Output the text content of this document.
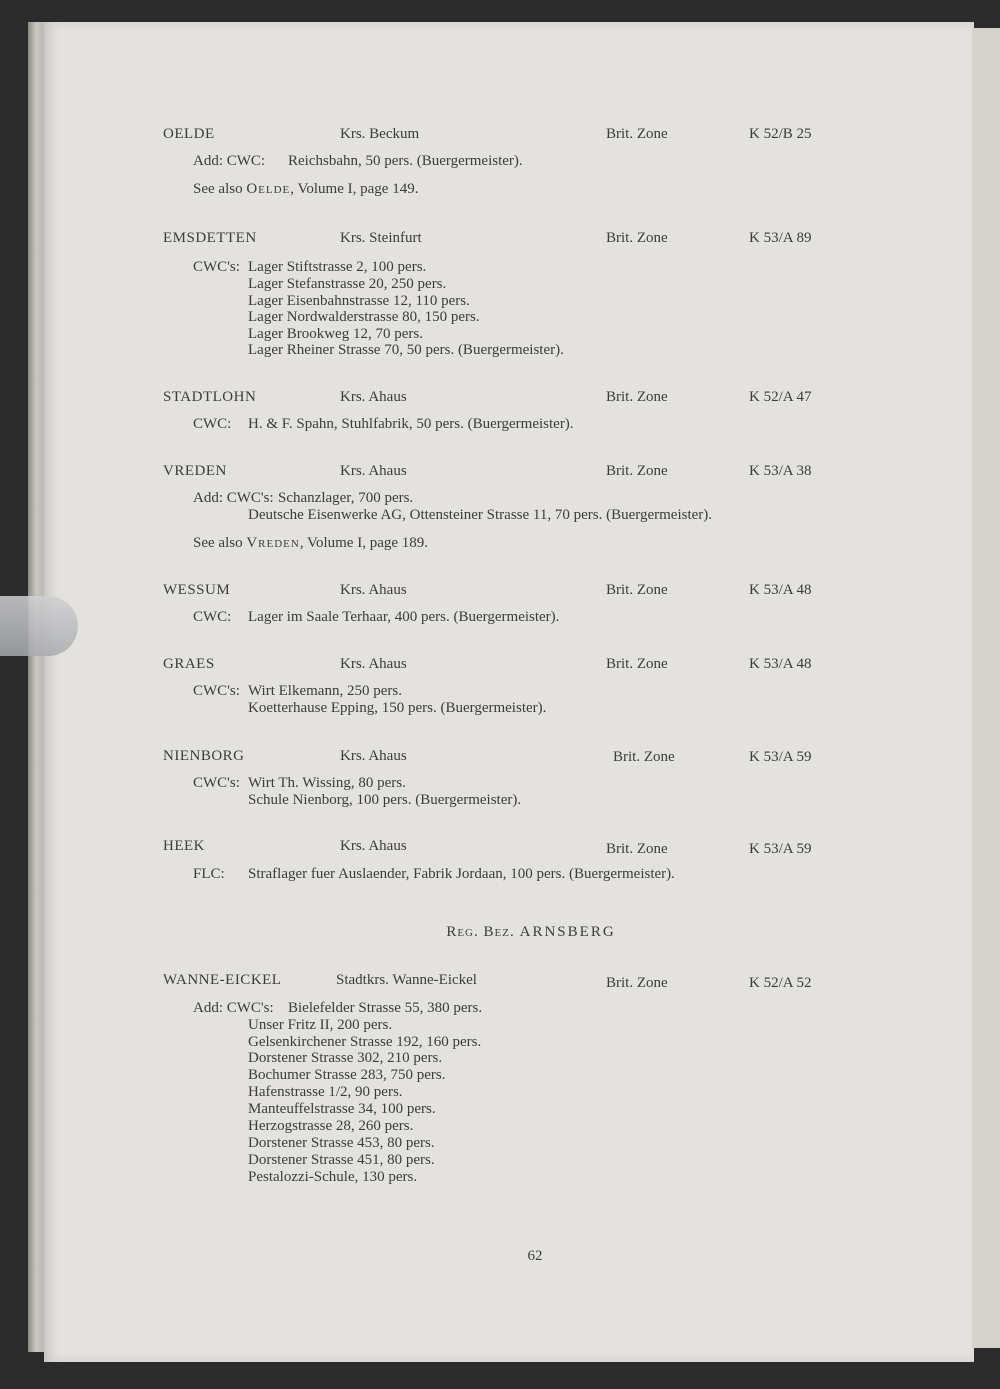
OELDE	Krs. Beckum	Brit. Zone	K 52/B 25
Add: CWC: Reichsbahn, 50 pers. (Buergermeister).
See also Oelde, Volume I, page 149.
EMSDETTEN	Krs. Steinfurt	Brit. Zone	K 53/A 89
CWC's: Lager Stiftstrasse 2, 100 pers.
Lager Stefanstrasse 20, 250 pers.
Lager Eisenbahnstrasse 12, 110 pers.
Lager Nordwalderstrasse 80, 150 pers.
Lager Brookweg 12, 70 pers.
Lager Rheiner Strasse 70, 50 pers. (Buergermeister).
STADTLOHN	Krs. Ahaus	Brit. Zone	K 52/A 47
CWC: H. & F. Spahn, Stuhlfabrik, 50 pers. (Buergermeister).
VREDEN	Krs. Ahaus	Brit. Zone	K 53/A 38
Add: CWC's: Schanzlager, 700 pers.
Deutsche Eisenwerke AG, Ottensteiner Strasse 11, 70 pers. (Buergermeister).
See also Vreden, Volume I, page 189.
WESSUM	Krs. Ahaus	Brit. Zone	K 53/A 48
CWC: Lager im Saale Terhaar, 400 pers. (Buergermeister).
GRAES	Krs. Ahaus	Brit. Zone	K 53/A 48
CWC's: Wirt Elkemann, 250 pers.
Koetterhause Epping, 150 pers. (Buergermeister).
NIENBORG	Krs. Ahaus	Brit. Zone	K 53/A 59
CWC's: Wirt Th. Wissing, 80 pers.
Schule Nienborg, 100 pers. (Buergermeister).
HEEK	Krs. Ahaus	Brit. Zone	K 53/A 59
FLC: Straflager fuer Auslaender, Fabrik Jordaan, 100 pers. (Buergermeister).
Reg. Bez. ARNSBERG
WANNE-EICKEL	Stadtkrs. Wanne-Eickel	Brit. Zone	K 52/A 52
Add: CWC's: Bielefelder Strasse 55, 380 pers.
Unser Fritz II, 200 pers.
Gelsenkirchener Strasse 192, 160 pers.
Dorstener Strasse 302, 210 pers.
Bochumer Strasse 283, 750 pers.
Hafenstrasse 1/2, 90 pers.
Manteuffelstrasse 34, 100 pers.
Herzogstrasse 28, 260 pers.
Dorstener Strasse 453, 80 pers.
Dorstener Strasse 451, 80 pers.
Pestalozzi-Schule, 130 pers.
62
